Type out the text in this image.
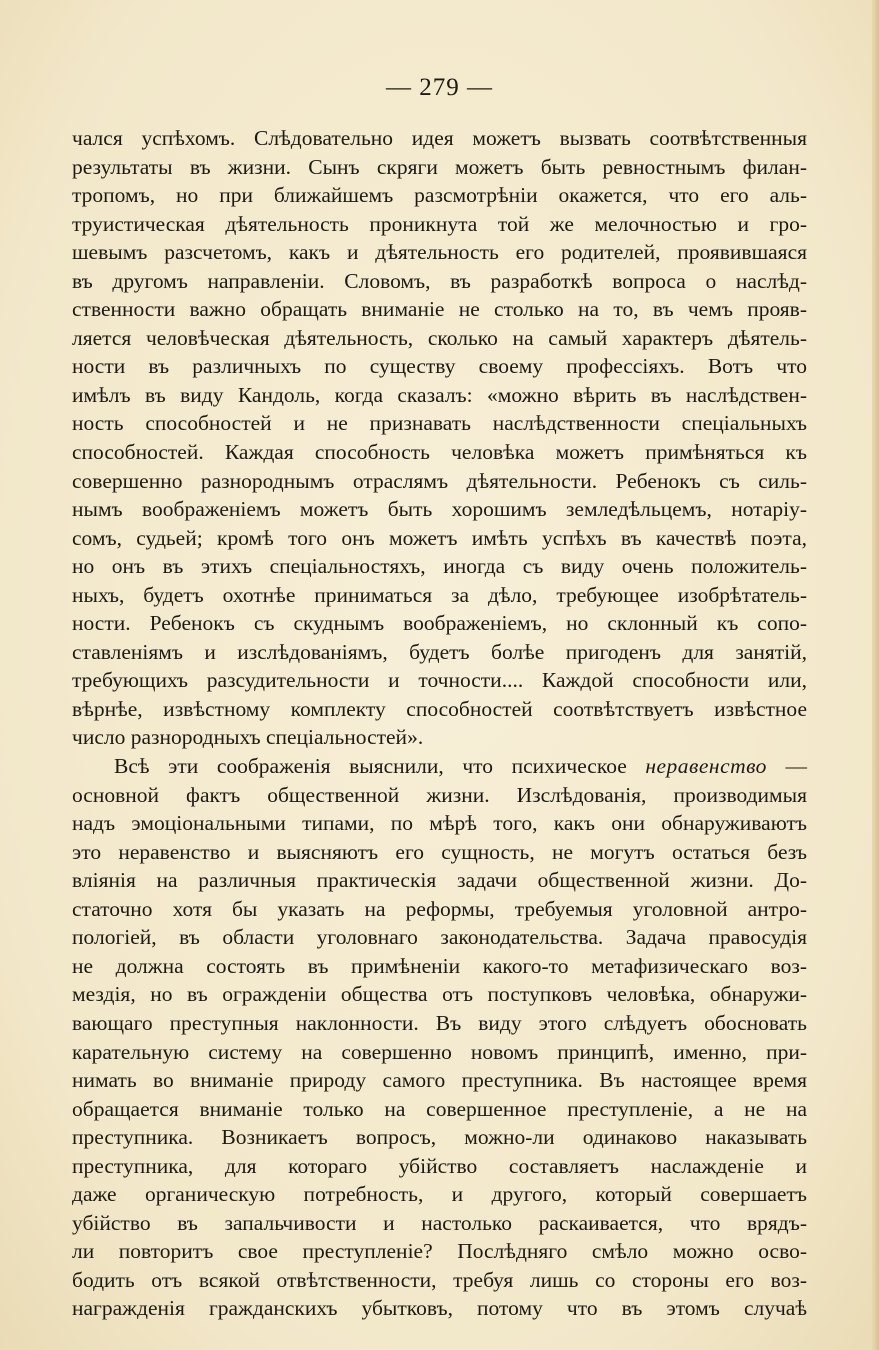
— 279 —
чался успѣхомъ. Слѣдовательно идея можетъ вызвать соотвѣтственныя
результаты въ жизни. Сынъ скряги можетъ быть ревностнымъ филан-
тропомъ, но при ближайшемъ разсмотрѣніи окажется, что его аль-
труистическая дѣятельность проникнута той же мелочностью и гро-
шевымъ разсчетомъ, какъ и дѣятельность его родителей, проявившаяся
въ другомъ направленіи. Словомъ, въ разработкѣ вопроса о наслѣд-
ственности важно обращать вниманіе не столько на то, въ чемъ прояв-
ляется человѣческая дѣятельность, сколько на самый характеръ дѣятель-
ности въ различныхъ по существу своему профессіяхъ. Вотъ что
имѣлъ въ виду Кандоль, когда сказалъ: «можно вѣрить въ наслѣдствен-
ность способностей и не признавать наслѣдственности спеціальныхъ
способностей. Каждая способность человѣка можетъ примѣняться къ
совершенно разнороднымъ отраслямъ дѣятельности. Ребенокъ съ силь-
нымъ воображеніемъ можетъ быть хорошимъ земледѣльцемъ, нотаріу-
сомъ, судьей; кромѣ того онъ можетъ имѣть успѣхъ въ качествѣ поэта,
но онъ въ этихъ спеціальностяхъ, иногда съ виду очень положитель-
ныхъ, будетъ охотнѣе приниматься за дѣло, требующее изобрѣтатель-
ности. Ребенокъ съ скуднымъ воображеніемъ, но склонный къ сопо-
ставленіямъ и изслѣдованіямъ, будетъ болѣе пригоденъ для занятій,
требующихъ разсудительности и точности.... Каждой способности или,
вѣрнѣе, извѣстному комплекту способностей соотвѣтствуетъ извѣстное
число разнородныхъ спеціальностей».
Всѣ эти соображенія выяснили, что психическое неравенство —
основной фактъ общественной жизни. Изслѣдованія, производимыя
надъ эмоціональными типами, по мѣрѣ того, какъ они обнаруживаютъ
это неравенство и выясняютъ его сущность, не могутъ остаться безъ
вліянія на различныя практическія задачи общественной жизни. До-
статочно хотя бы указать на реформы, требуемыя уголовной антро-
пологіей, въ области уголовнаго законодательства. Задача правосудія
не должна состоять въ примѣненіи какого-то метафизическаго воз-
мездія, но въ огражденіи общества отъ поступковъ человѣка, обнаружи-
вающаго преступныя наклонности. Въ виду этого слѣдуетъ обосновать
карательную систему на совершенно новомъ принципѣ, именно, при-
нимать во вниманіе природу самого преступника. Въ настоящее время
обращается вниманіе только на совершенное преступленіе, а не на
преступника. Возникаетъ вопросъ, можно-ли одинаково наказывать
преступника, для котораго убійство составляетъ наслажденіе и
даже органическую потребность, и другого, который совершаетъ
убійство въ запальчивости и настолько раскаивается, что врядъ-
ли повторитъ свое преступленіе? Послѣдняго смѣло можно осво-
бодить отъ всякой отвѣтственности, требуя лишь со стороны его воз-
награжденія гражданскихъ убытковъ, потому что въ этомъ случаѣ
